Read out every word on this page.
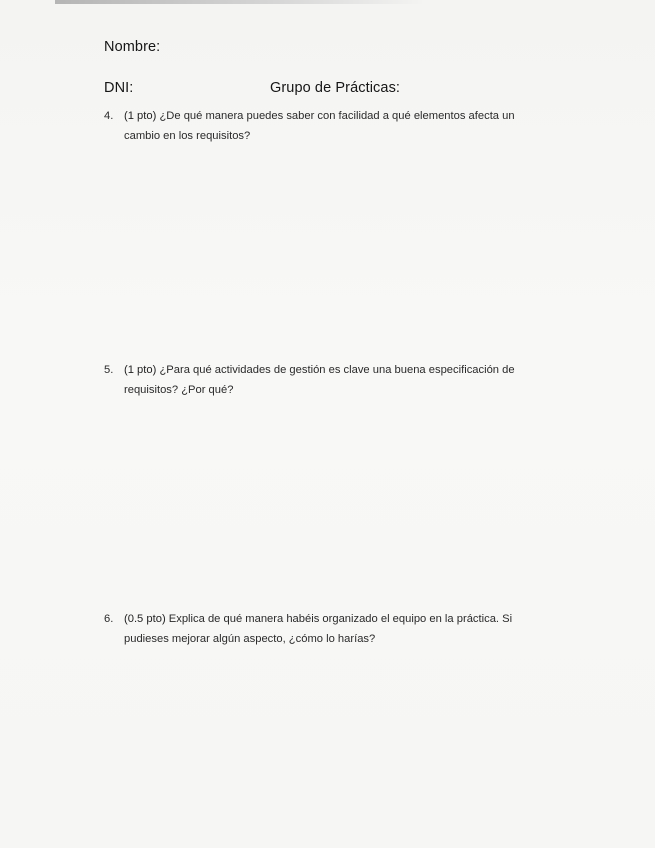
Nombre:
DNI:	Grupo de Prácticas:
4. (1 pto) ¿De qué manera puedes saber con facilidad a qué elementos afecta un
cambio en los requisitos?
5. (1 pto) ¿Para qué actividades de gestión es clave una buena especificación de
requisitos? ¿Por qué?
6. (0.5 pto) Explica de qué manera habéis organizado el equipo en la práctica. Si
pudieses mejorar algún aspecto, ¿cómo lo harías?
